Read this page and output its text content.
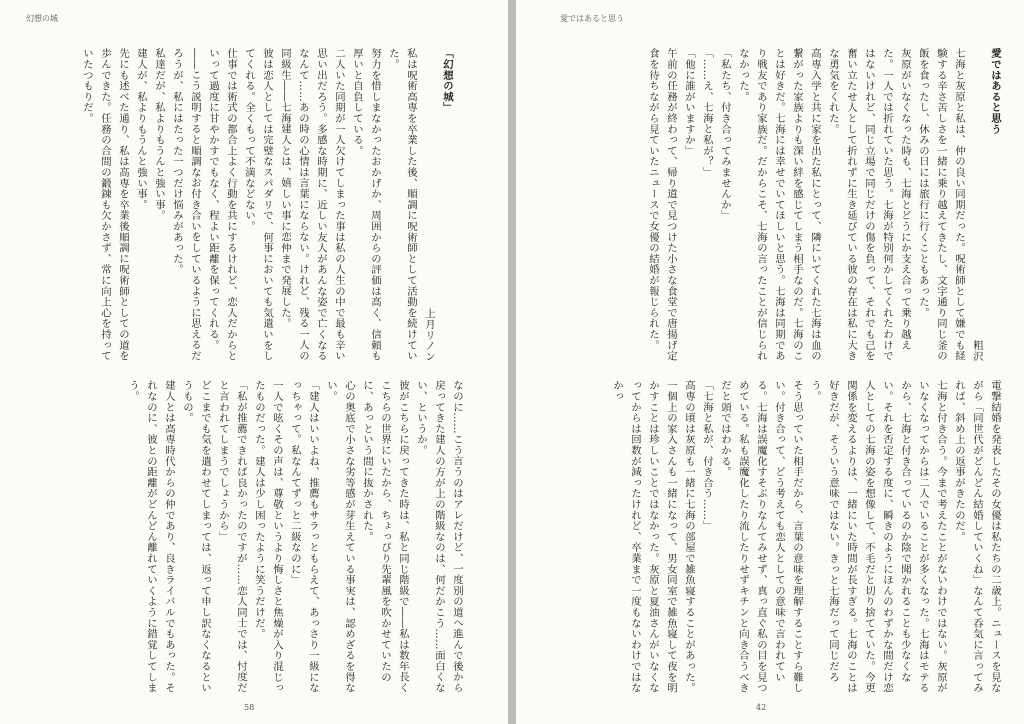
幻想の城

「幻想の城」

上月リノン

私は呪術高専を卒業した後、順調に呪術師として活動を続けていた。

努力を惜しまなかったおかげか、周囲からの評価は高く、信頼も厚いと自負している。

二人いた同期が一人欠けてしまった事は私の人生の中で最も辛い思い出だろう。多感な時期に、近しい友人があんな姿で亡くなるなんて……あの時の心情は言葉にならない。けれど、残る一人の同級生――七海建人とは、嬉しい事に恋仲まで発展した。

彼は恋人としては完璧なスパダリで、何事においても気遣いをしてくれる。全くもって不満などない。

仕事では術式の都合上よく行動を共にするけれど、恋人だからといって過度に甘やかすでもなく、程よい距離を保ってくれる。

――こう説明すると順調なお付き合いをしているように思えるだろうが、私にはたった一つだけ悩みがあった。

私達だが、私よりもうんと強い事。

建人が、私よりもうんと強い事。

先にも述べた通り、私は高専を卒業後順調に呪術師としての道を歩んできた。任務の合間の鍛錬も欠かさず、常に向上心を持っていたつもりだ。

なのに……こう言うのはアレだけど、一度別の道へ進んで後から戻ってきた建人の方が上の階級なのは、何だかこう……面白くない、というか。

彼がこちらに戻ってきた時は、私と同じ階級で――私は数年長くこちらの世界にいたから、ちょっぴり先輩風を吹かせていたのに、あっという間に抜かされた。

心の奥底で小さな劣等感が芽生えている事実は、認めざるを得ない。

「建人はいいよね、推薦もサラっともらえて、あっさり一級になっちゃって。私なんてずっと二級なのに」

一人で呟くその声は、尊敬というより悔しさと焦燥が入り混じったものだった。建人は少し困ったように笑うだけだ。

「私が推薦できれば良かったのですが……恋人同士では、忖度だと言われてしまうでしょうから」

どこまでも気を遣わせてしまっては、返って申し訳なくなるというもの。

建人とは高専時代からの仲であり、良きライバルでもあった。それなのに、彼との距離がどんどん離れていくように錯覚してしまう。

58
愛ではあると思う

愛ではあると思う

粗沢

七海と灰原と私は、仲の良い同期だった。呪術師として嫌でも経験する辛さ苦しさを一緒に乗り越えてきたし、文字通り同じ釜の飯を食ったし、休みの日には旅行に行くこともあった。

灰原がいなくなった時も、七海とどうにか支え合って乗り越えた。一人では折れていた思う。七海が特別何かしてくれたわけではないけれど、同じ立場で同じだけの傷を負って、それでも己を奮い立たせ人として折れずに生き延びている彼の存在は私に大きな勇気をくれた。

高専入学と共に家を出た私にとって、隣にいてくれた七海は血の繋がった家族よりも深い絆を感じてしまう相手なのだ。七海のことは好きだ。七海には幸せでいてほしいと思う。七海は同期であり戦友であり家族だ。だからこそ、七海の言ったことが信じられなかった。

「私たち、付き合ってみませんか」

「……え、七海と私が？」

「他に誰がいますか」

午前の任務が終わって、帰り道で見つけた小さな食堂で唐揚げ定食を待ちながら見ていたニュースで女優の結婚が報じられた。

電撃結婚を発表したその女優は私たちの二歳上。ニュースを見ながら「同世代がどんどん結婚していくね」なんて呑気に言ってみれば、斜め上の返事がきたのだ。

七海と付き合う。今まで考えたことがないわけではない。灰原がいなくなってからは二人でいることが多くなった。七海はモテるから、七海と付き合っているのか陰で聞かれることも少なくない。それを否定する度に、瞬きのようにほんのわずかな間だけ恋人としての七海の姿を想像して、不毛だと切り捨てていた。今更関係を変えるよりは、一緒にいた時間が長すぎる。七海のことは好きだが、そういう意味ではない。きっと七海だって同じだろう。

そう思っていた相手だから、言葉の意味を理解することすら難しい。付き合って、どう考えても恋人としての意味で言われている。七海は誤魔化すそぶりなんてみせず、真っ直ぐ私の目を見つめている。私も誤魔化したり流したりせずキチンと向き合うべきだと頭ではわかる。

「七海と私が、付き合う……」

高専の頃は灰原も一緒に七海の部屋で雑魚寝することがあった。一個上の家入さんも一緒になって、男女同室で雑魚寝して夜を明かすことは珍しいことではなかった。灰原と夏油さんがいなくなってからは回数が減ったけれど、卒業まで一度もないわけではなかっ

42
